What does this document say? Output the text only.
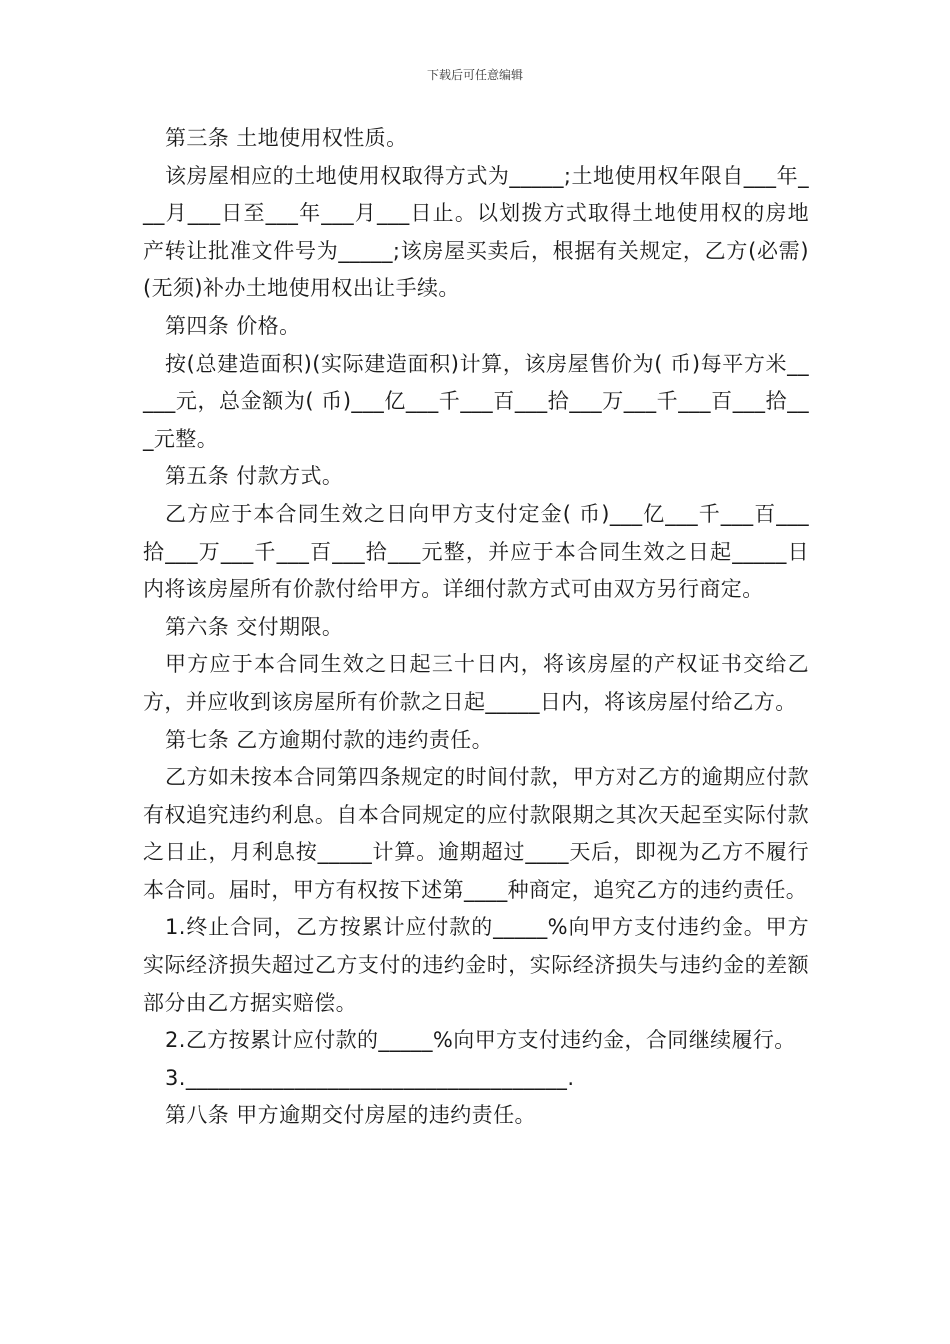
下载后可任意编辑

第三条 土地使用权性质。

该房屋相应的土地使用权取得方式为_____;土地使用权年限自___年___月___日至___年___月___日止。以划拨方式取得土地使用权的房地产转让批准文件号为_____;该房屋买卖后，根据有关规定，乙方(必需)(无须)补办土地使用权出让手续。

第四条 价格。

按(总建造面积)(实际建造面积)计算，该房屋售价为( 币)每平方米_____元，总金额为( 币)___亿___千___百___拾___万___千___百___拾___元整。

第五条 付款方式。

乙方应于本合同生效之日向甲方支付定金( 币)___亿___千___百___拾___万___千___百___拾___元整，并应于本合同生效之日起_____日内将该房屋所有价款付给甲方。详细付款方式可由双方另行商定。

第六条 交付期限。

甲方应于本合同生效之日起三十日内，将该房屋的产权证书交给乙方，并应收到该房屋所有价款之日起_____日内，将该房屋付给乙方。

第七条 乙方逾期付款的违约责任。

乙方如未按本合同第四条规定的时间付款，甲方对乙方的逾期应付款有权追究违约利息。自本合同规定的应付款限期之其次天起至实际付款之日止，月利息按_____计算。逾期超过____天后，即视为乙方不履行本合同。届时，甲方有权按下述第____种商定，追究乙方的违约责任。

1.终止合同，乙方按累计应付款的_____%向甲方支付违约金。甲方实际经济损失超过乙方支付的违约金时，实际经济损失与违约金的差额部分由乙方据实赔偿。

2.乙方按累计应付款的_____%向甲方支付违约金，合同继续履行。

3.___________________________________.

第八条 甲方逾期交付房屋的违约责任。
